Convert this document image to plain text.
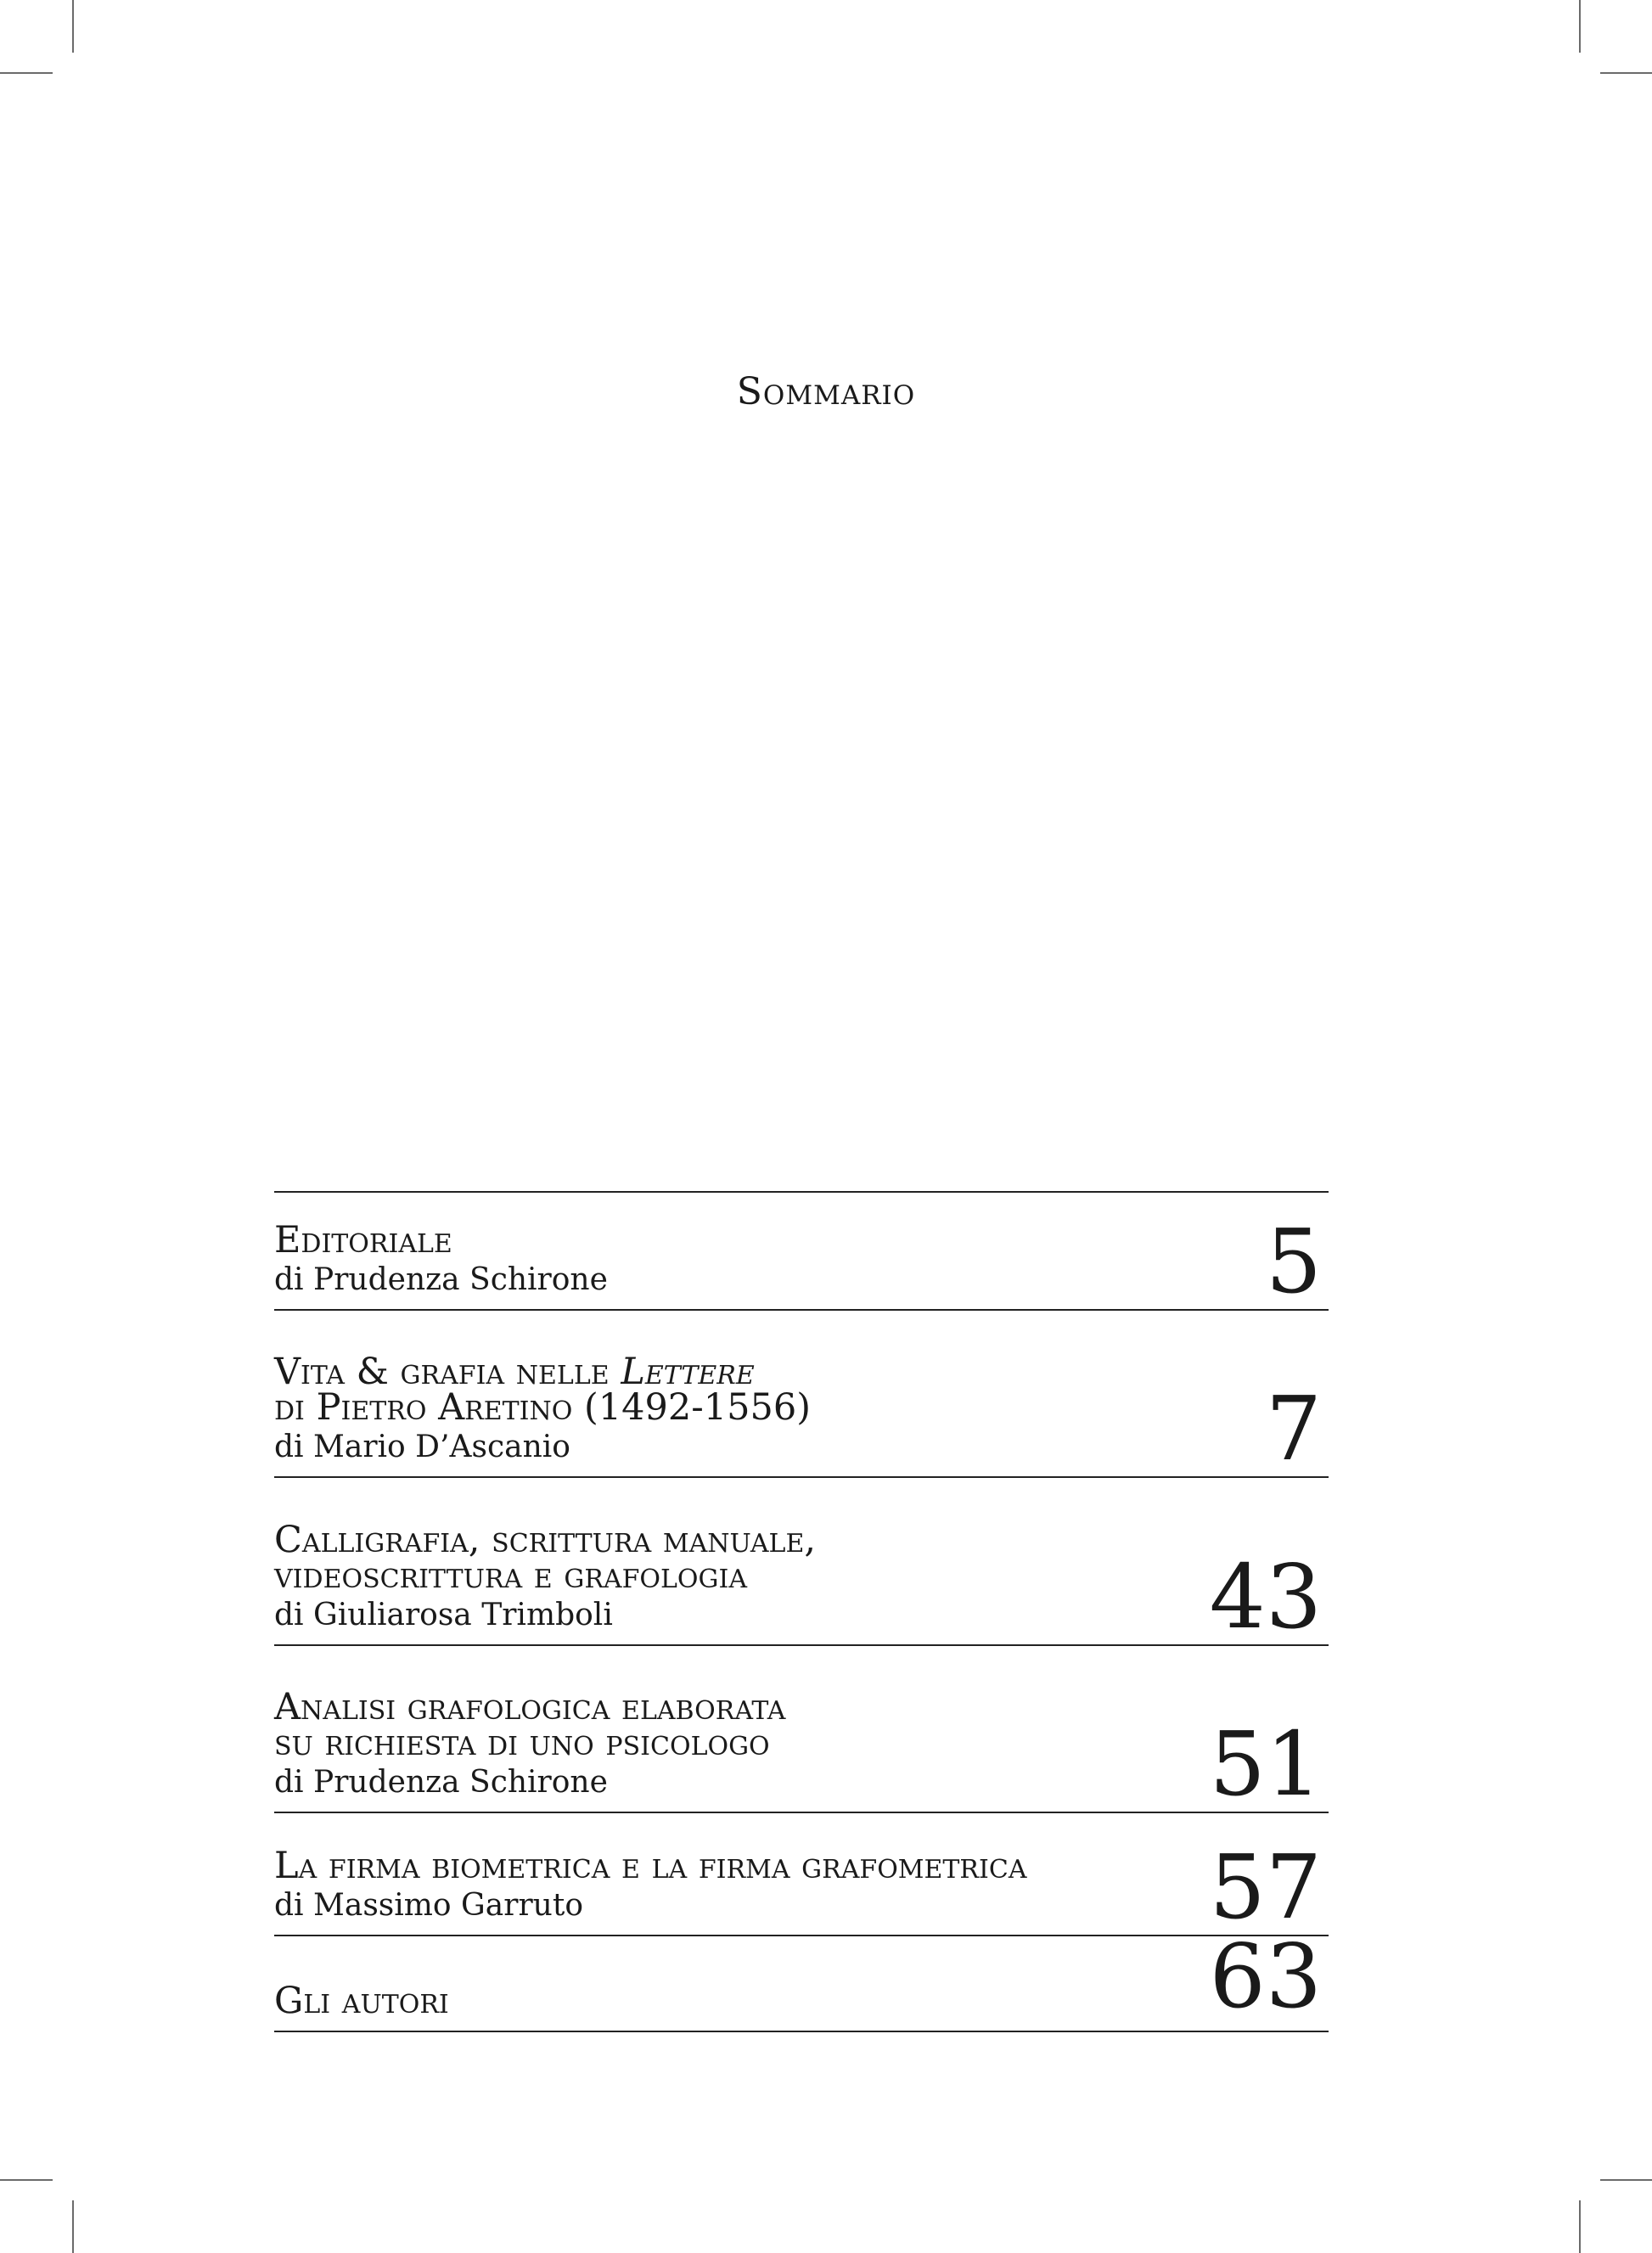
Sommario

Editoriale

di Prudenza Schirone	5

Vita & grafia nelle Lettere

di Pietro Aretino (1492-1556)

di Mario D’Ascanio	7

Calligrafia, scrittura manuale,

videoscrittura e grafologia

di Giuliarosa Trimboli	43

Analisi grafologica elaborata

su richiesta di uno psicologo

di Prudenza Schirone	51

La firma biometrica e la firma grafometrica

di Massimo Garruto	57

Gli autori	63
